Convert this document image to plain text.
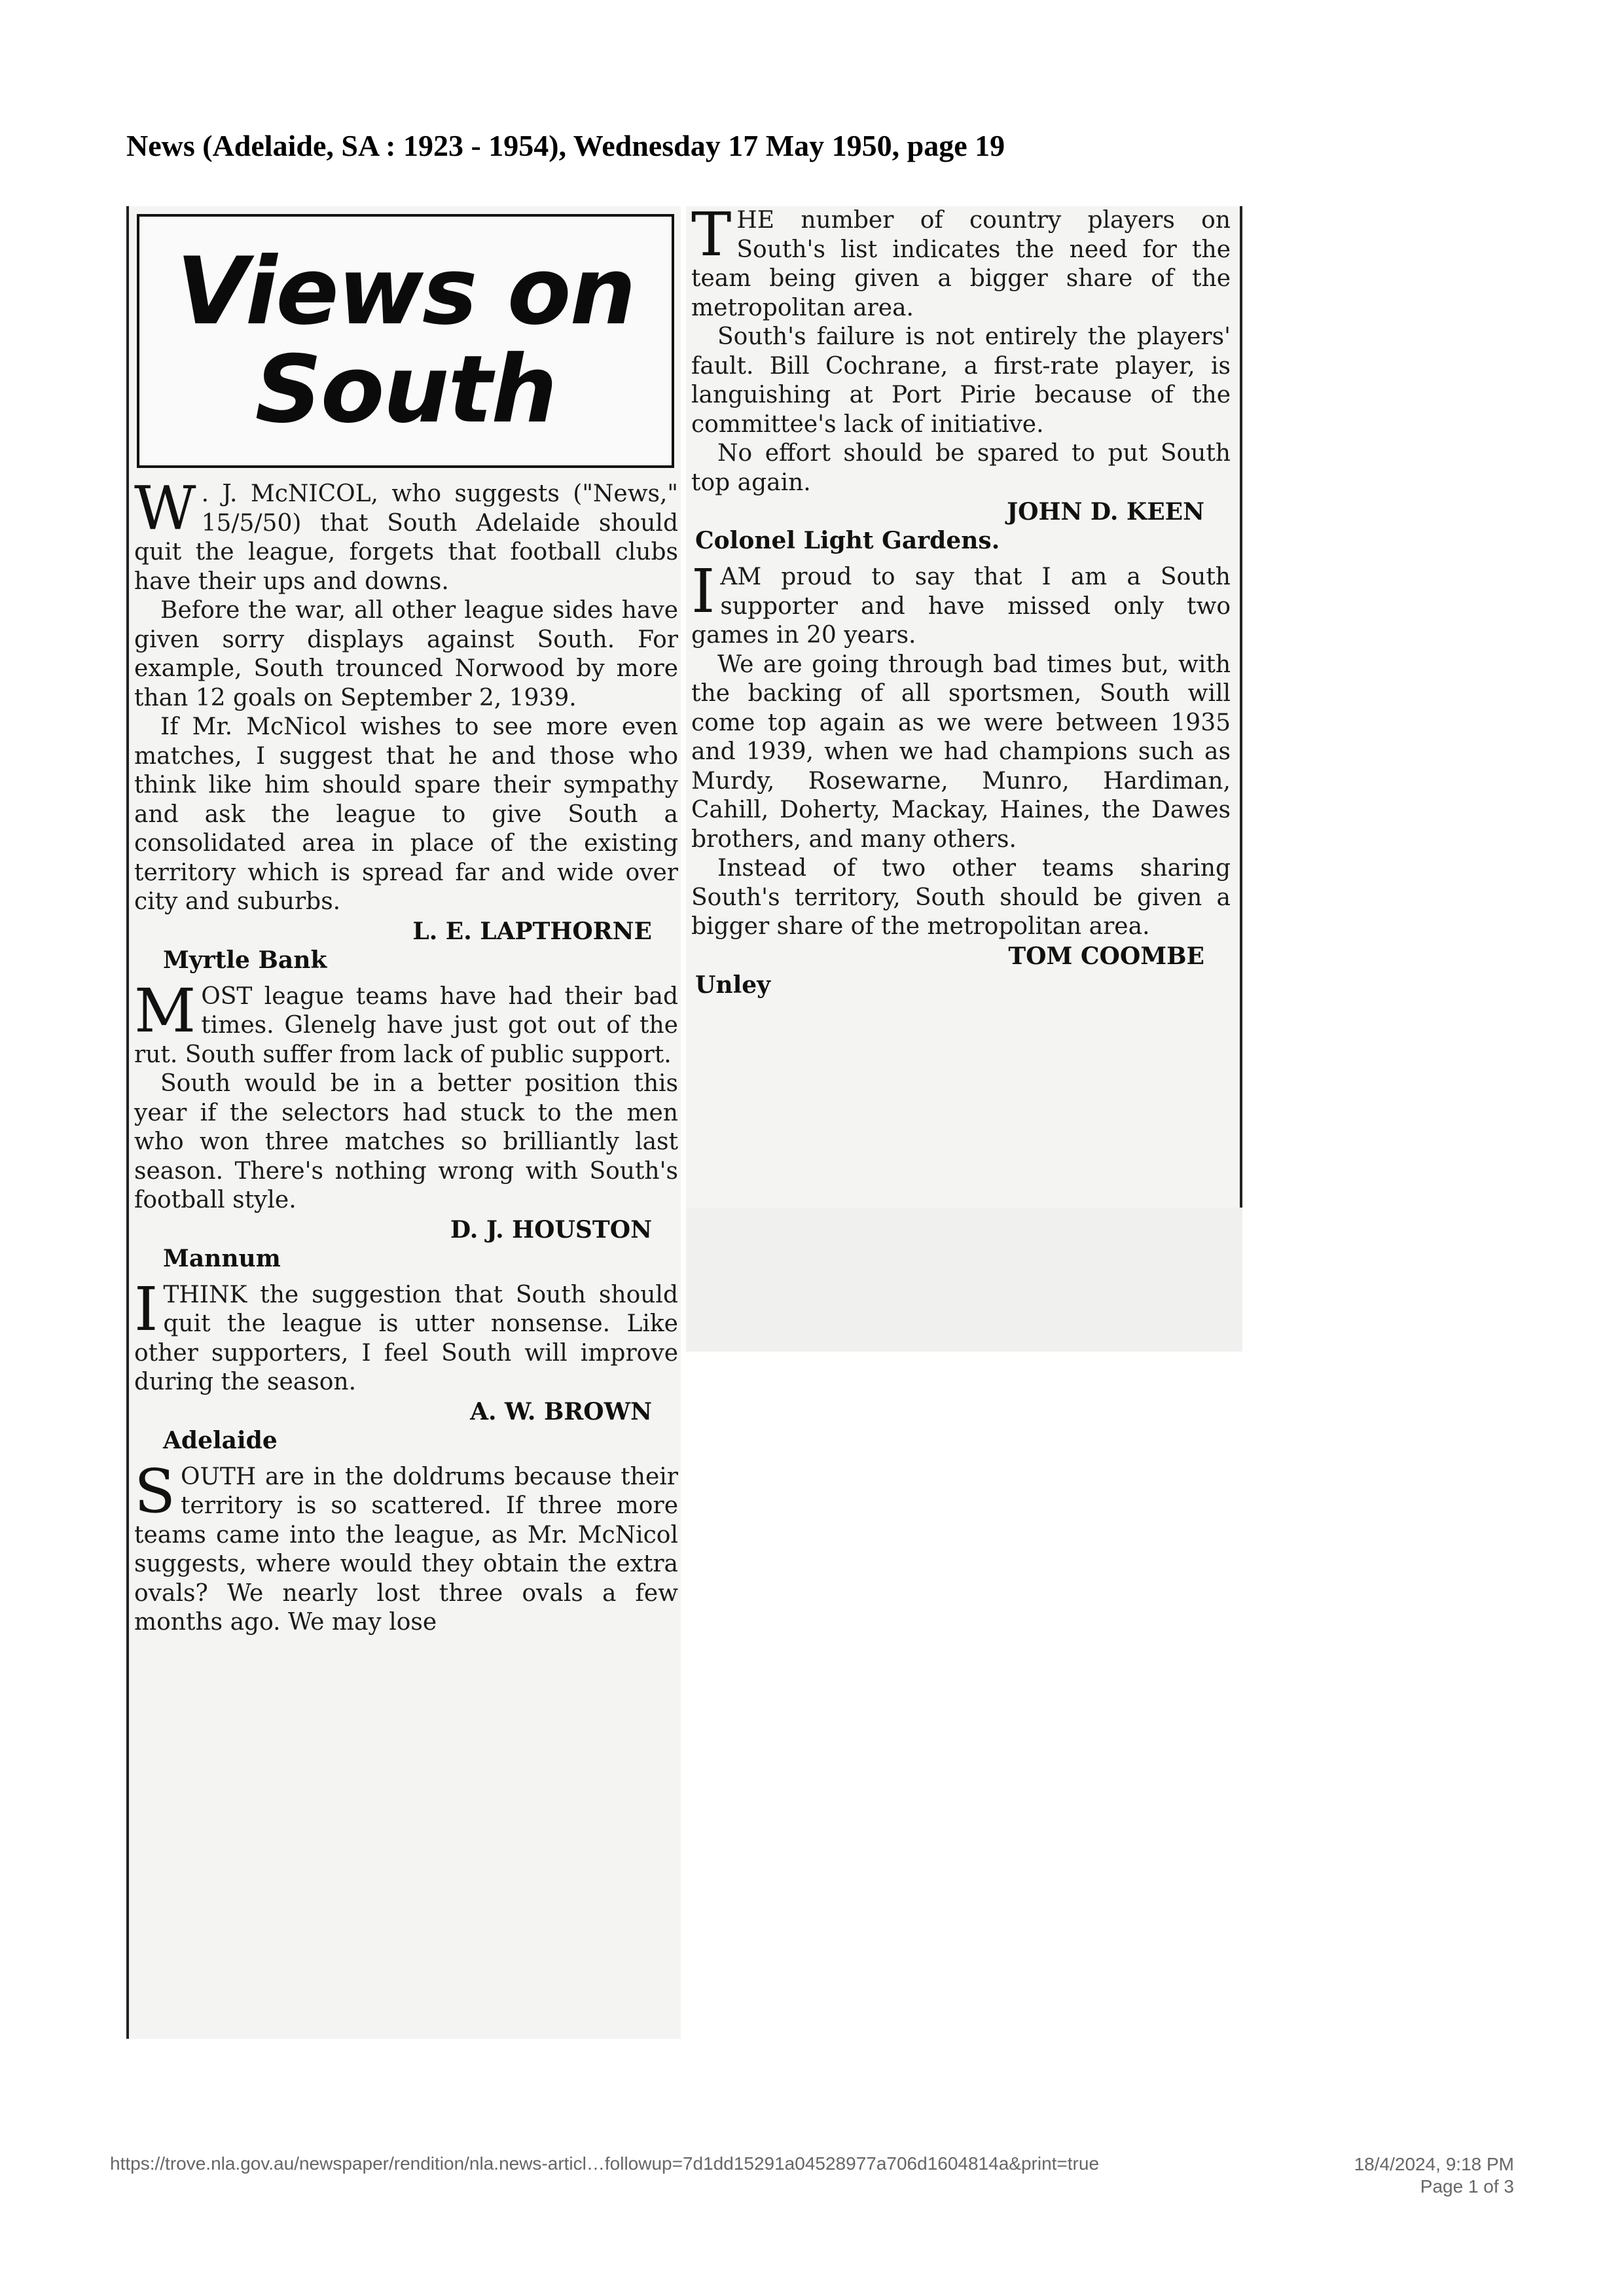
News (Adelaide, SA : 1923 - 1954), Wednesday 17 May 1950, page 19
Views on
South

W . J. McNICOL, who suggests ("News," 15/5/50) that South Adelaide should quit the league, forgets that football clubs have their ups and downs.

Before the war, all other league sides have given sorry displays against South. For example, South trounced Norwood by more than 12 goals on September 2, 1939.

If Mr. McNicol wishes to see more even matches, I suggest that he and those who think like him should spare their sympathy and ask the league to give South a consolidated area in place of the existing territory which is spread far and wide over city and suburbs.

L. E. LAPTHORNE

Myrtle Bank

MOST league teams have had their bad times. Glenelg have just got out of the rut. South suffer from lack of public support.

South would be in a better position this year if the selectors had stuck to the men who won three matches so brilliantly last season. There's nothing wrong with South's football style.

D. J. HOUSTON

Mannum

ITHINK the suggestion that South should quit the league is utter nonsense. Like other supporters, I feel South will improve during the season.

A. W. BROWN

Adelaide

SOUTH are in the doldrums because their territory is so scattered. If three more teams came into the league, as Mr. McNicol suggests, where would they obtain the extra ovals? We nearly lost three ovals a few months ago. We may lose

THE number of country players on South's list indicates the need for the team being given a bigger share of the metropolitan area.

South's failure is not entirely the players' fault. Bill Cochrane, a first-rate player, is languishing at Port Pirie because of the committee's lack of initiative.

No effort should be spared to put South top again.

JOHN D. KEEN

Colonel Light Gardens.

IAM proud to say that I am a South supporter and have missed only two games in 20 years.

We are going through bad times but, with the backing of all sportsmen, South will come top again as we were between 1935 and 1939, when we had champions such as Murdy, Rosewarne, Munro, Hardiman, Cahill, Doherty, Mackay, Haines, the Dawes brothers, and many others.

Instead of two other teams sharing South's territory, South should be given a bigger share of the metropolitan area.

TOM COOMBE

Unley

https://trove.nla.gov.au/newspaper/rendition/nla.news-articl…followup=7d1dd15291a04528977a706d1604814a&print=true	18/4/2024, 9:18 PM
Page 1 of 3
